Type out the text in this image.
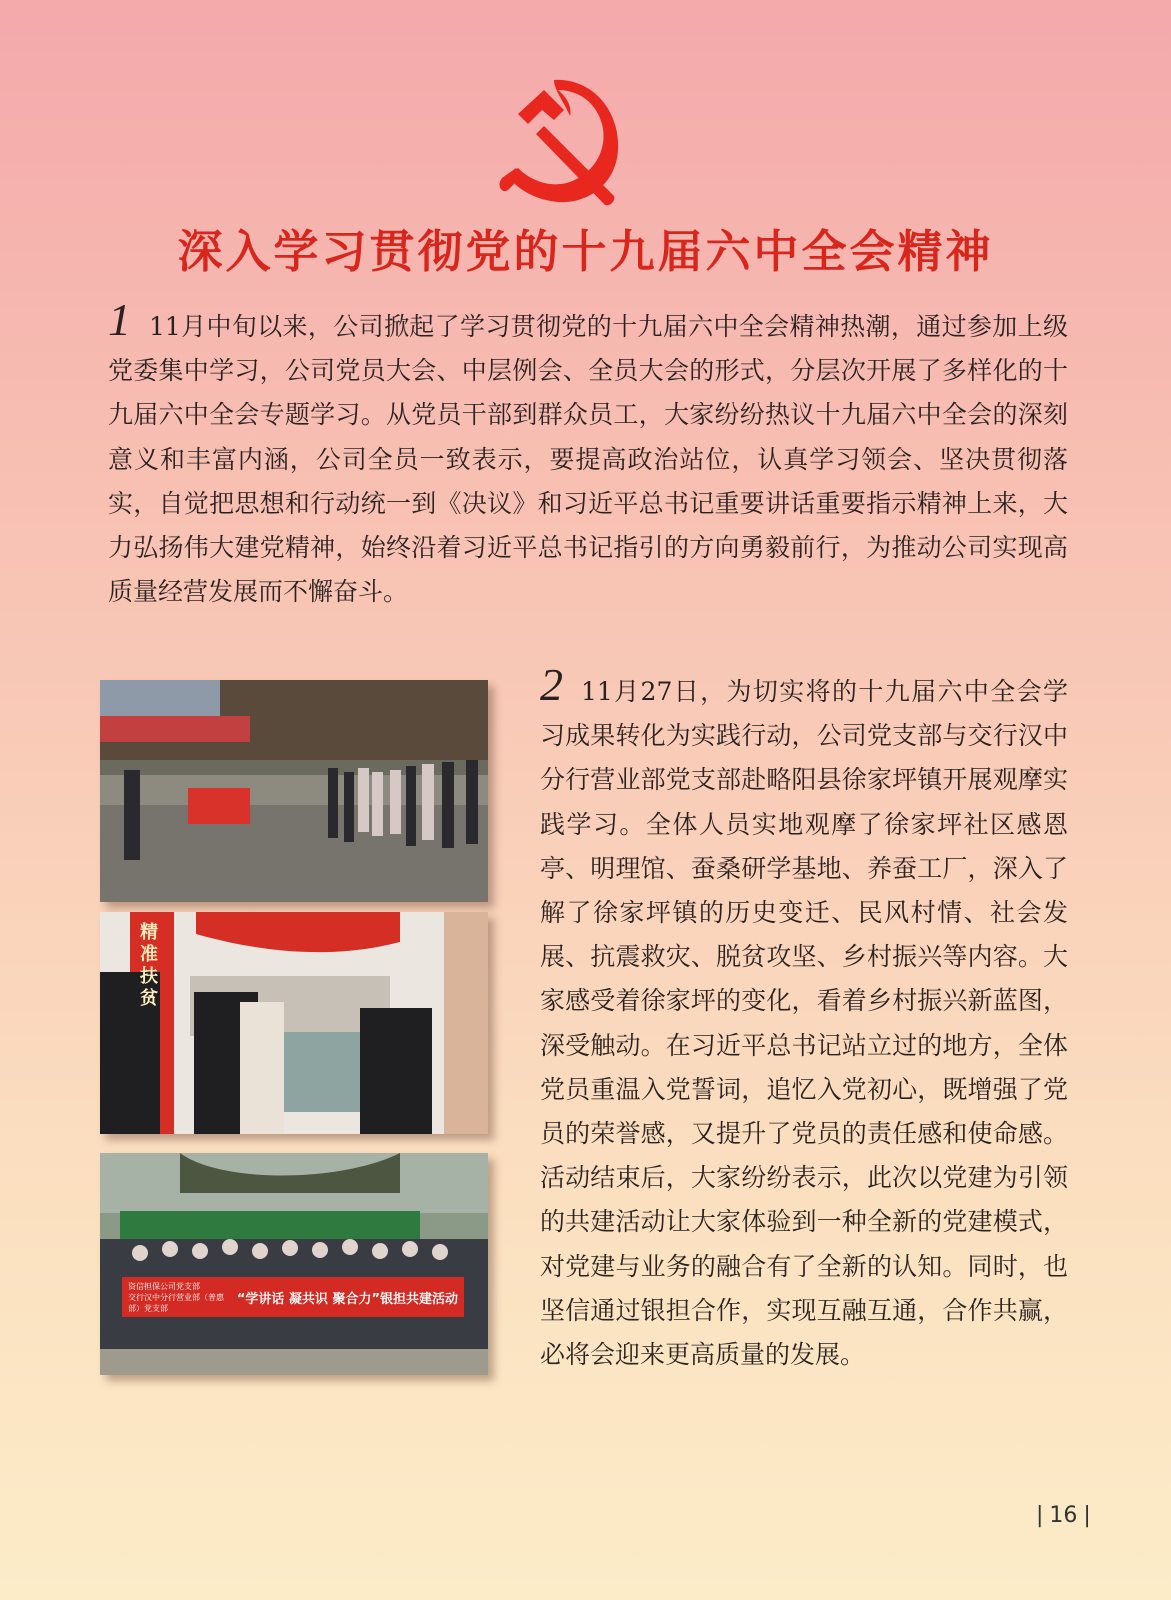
深入学习贯彻党的十九届六中全会精神
1 11月中旬以来，公司掀起了学习贯彻党的十九届六中全会精神热潮，通过参加上级党委集中学习，公司党员大会、中层例会、全员大会的形式，分层次开展了多样化的十九届六中全会专题学习。从党员干部到群众员工，大家纷纷热议十九届六中全会的深刻意义和丰富内涵，公司全员一致表示，要提高政治站位，认真学习领会、坚决贯彻落实，自觉把思想和行动统一到《决议》和习近平总书记重要讲话重要指示精神上来，大力弘扬伟大建党精神，始终沿着习近平总书记指引的方向勇毅前行，为推动公司实现高质量经营发展而不懈奋斗。
2 11月27日，为切实将的十九届六中全会学习成果转化为实践行动，公司党支部与交行汉中分行营业部党支部赴略阳县徐家坪镇开展观摩实践学习。全体人员实地观摩了徐家坪社区感恩亭、明理馆、蚕桑研学基地、养蚕工厂，深入了解了徐家坪镇的历史变迁、民风村情、社会发展、抗震救灾、脱贫攻坚、乡村振兴等内容。大家感受着徐家坪的变化，看着乡村振兴新蓝图，深受触动。在习近平总书记站立过的地方，全体党员重温入党誓词，追忆入党初心，既增强了党员的荣誉感，又提升了党员的责任感和使命感。活动结束后，大家纷纷表示，此次以党建为引领的共建活动让大家体验到一种全新的党建模式，对党建与业务的融合有了全新的认知。同时，也坚信通过银担合作，实现互融互通，合作共赢，必将会迎来更高质量的发展。
精准扶贫
资信担保公司党支部
交行汉中分行营业部（普惠部）党支部
“学讲话 凝共识 聚合力”银担共建活动
| 16 |
